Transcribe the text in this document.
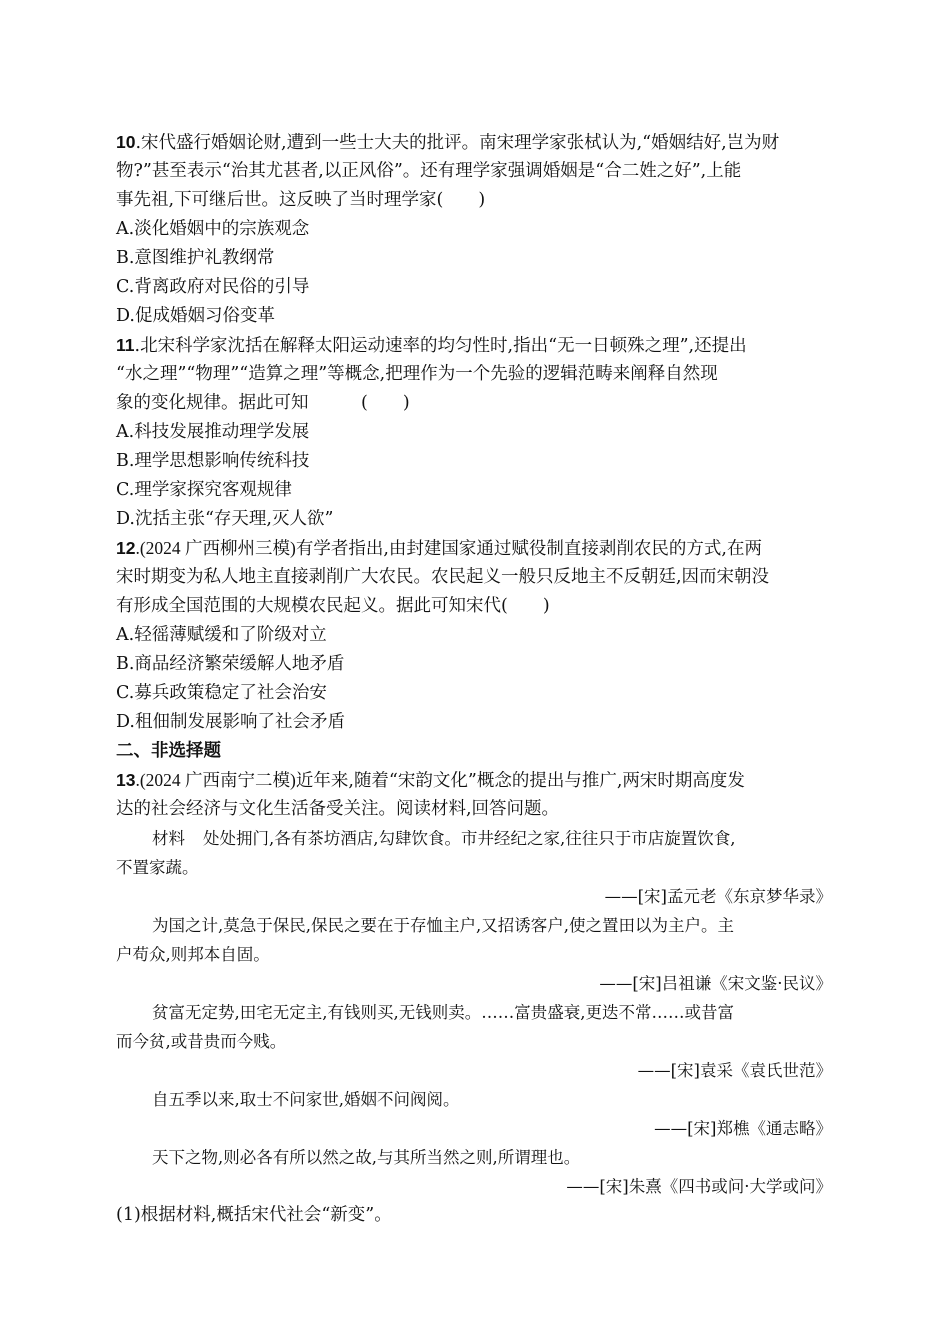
10.宋代盛行婚姻论财,遭到一些士大夫的批评。南宋理学家张栻认为,“婚姻结好,岂为财
物?”甚至表示“治其尤甚者,以正风俗”。还有理学家强调婚姻是“合二姓之好”,上能
事先祖,下可继后世。这反映了当时理学家(　　)
A.淡化婚姻中的宗族观念
B.意图维护礼教纲常
C.背离政府对民俗的引导
D.促成婚姻习俗变革
11.北宋科学家沈括在解释太阳运动速率的均匀性时,指出“无一日顿殊之理”,还提出
“水之理”“物理”“造算之理”等概念,把理作为一个先验的逻辑范畴来阐释自然现
象的变化规律。据此可知　　　(　　)
A.科技发展推动理学发展
B.理学思想影响传统科技
C.理学家探究客观规律
D.沈括主张“存天理,灭人欲”
12.(2024 广西柳州三模)有学者指出,由封建国家通过赋役制直接剥削农民的方式,在两
宋时期变为私人地主直接剥削广大农民。农民起义一般只反地主不反朝廷,因而宋朝没
有形成全国范围的大规模农民起义。据此可知宋代(　　)
A.轻徭薄赋缓和了阶级对立
B.商品经济繁荣缓解人地矛盾
C.募兵政策稳定了社会治安
D.租佃制发展影响了社会矛盾
二、非选择题
13.(2024 广西南宁二模)近年来,随着“宋韵文化”概念的提出与推广,两宋时期高度发
达的社会经济与文化生活备受关注。阅读材料,回答问题。
材料 处处拥门,各有茶坊酒店,勾肆饮食。市井经纪之家,往往只于市店旋置饮食,
不置家蔬。
——[宋]孟元老《东京梦华录》
为国之计,莫急于保民,保民之要在于存恤主户,又招诱客户,使之置田以为主户。主
户苟众,则邦本自固。
——[宋]吕祖谦《宋文鉴·民议》
贫富无定势,田宅无定主,有钱则买,无钱则卖。……富贵盛衰,更迭不常……或昔富
而今贫,或昔贵而今贱。
——[宋]袁采《袁氏世范》
自五季以来,取士不问家世,婚姻不问阀阅。
——[宋]郑樵《通志略》
天下之物,则必各有所以然之故,与其所当然之则,所谓理也。
——[宋]朱熹《四书或问·大学或问》
(1)根据材料,概括宋代社会“新变”。
